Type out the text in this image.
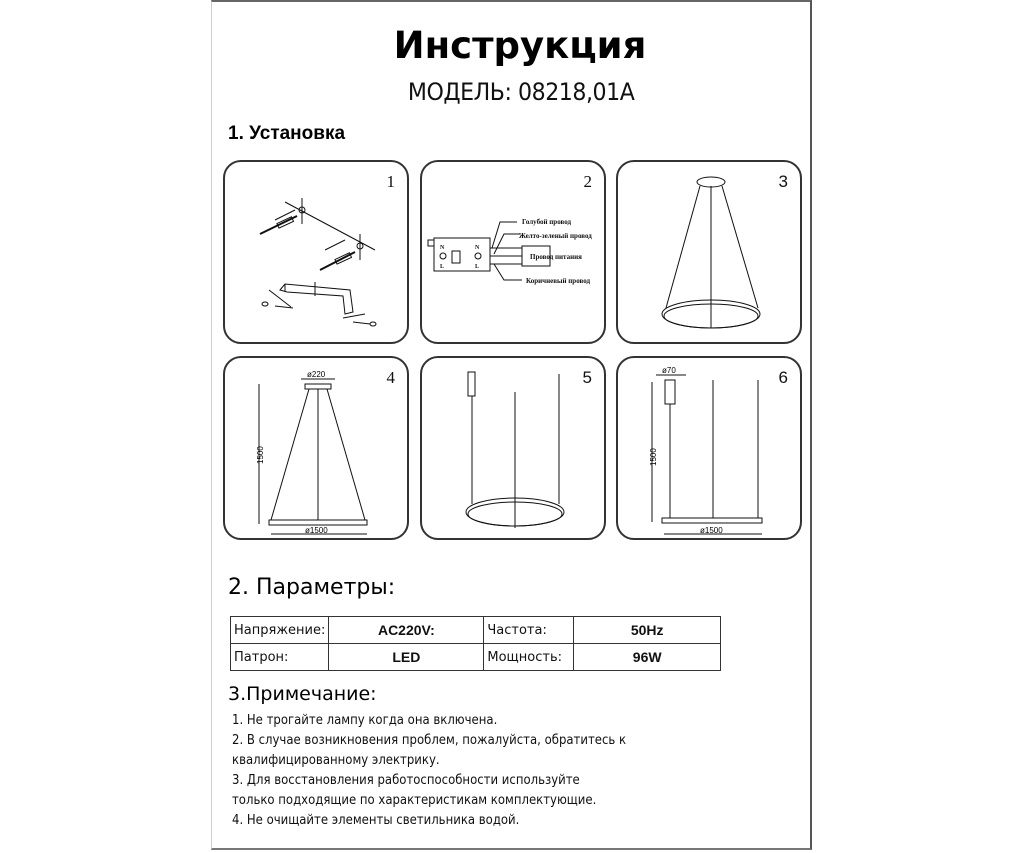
Инструкция
МОДЕЛЬ: 08218,01A
1. Установка
1	2
Голубой провод
Желто-зеленый провод
Провод питания
Коричневый провод
N
L
N
L
3
4
ø220
ø1500
1500
5	6
ø70
ø1500
1500
2. Параметры:
Напряжение:	AC220V:	Частота:	50Hz
Патрон:	LED	Мощность:	96W
3.Примечание:
1. Не трогайте лампу когда она включена.
2. В случае возникновения проблем, пожалуйста, обратитесь к
квалифицированному электрику.
3. Для восстановления работоспособности используйте
только подходящие по характеристикам комплектующие.
4. Не очищайте элементы светильника водой.
